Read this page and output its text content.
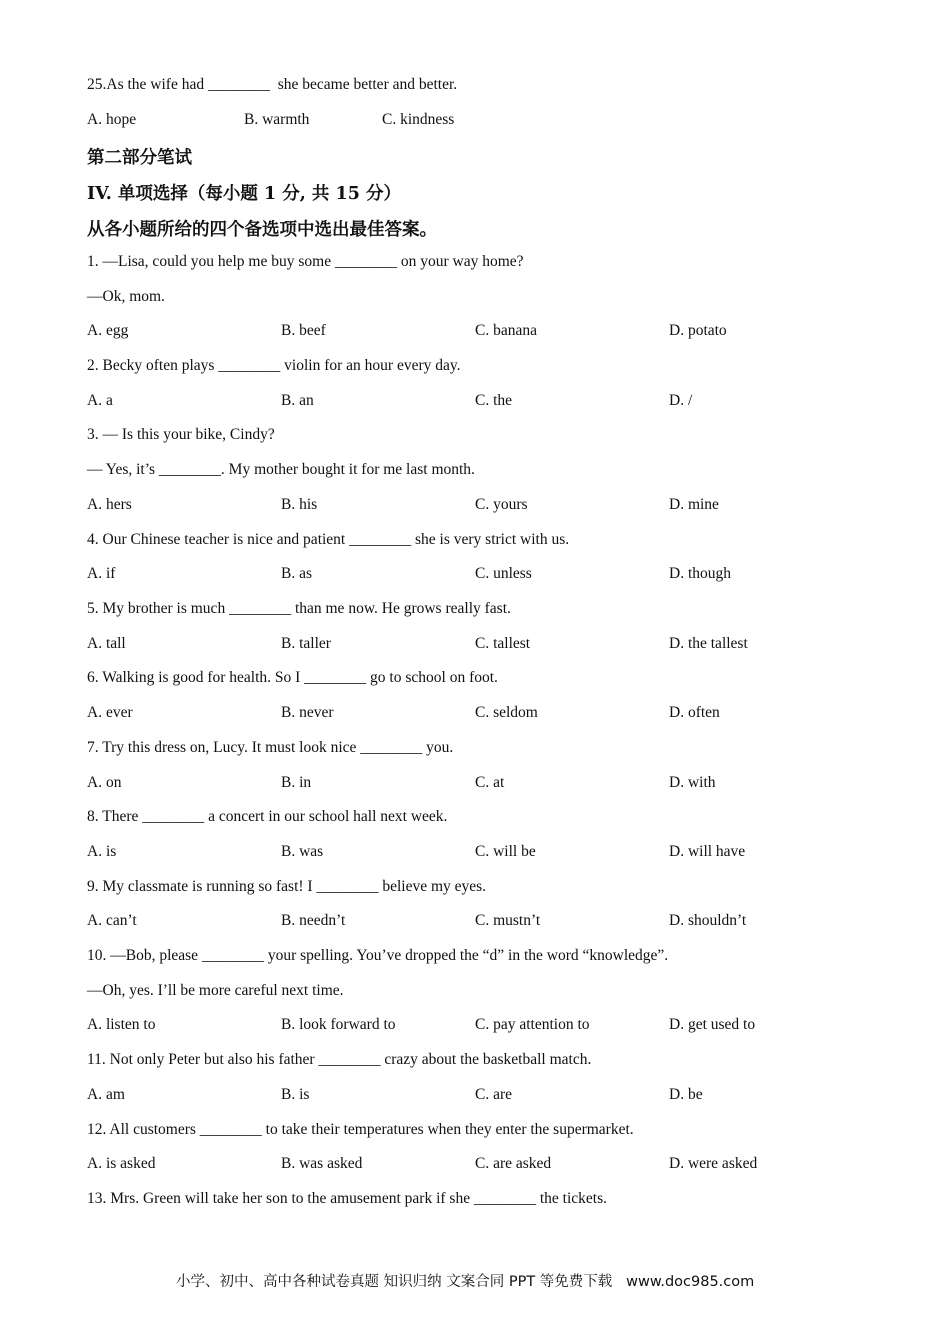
25.As the wife had ________  she became better and better.
A. hope	B. warmth	C. kindness
第二部分笔试
IV. 单项选择（每小题 1 分, 共 15 分）
从各小题所给的四个备选项中选出最佳答案。
1. —Lisa, could you help me buy some ________ on your way home?
—Ok, mom.
A. egg	B. beef	C. banana	D. potato
2. Becky often plays ________ violin for an hour every day.
A. a	B. an	C. the	D. /
3. — Is this your bike, Cindy?
— Yes, it’s ________. My mother bought it for me last month.
A. hers	B. his	C. yours	D. mine
4. Our Chinese teacher is nice and patient ________ she is very strict with us.
A. if	B. as	C. unless	D. though
5. My brother is much ________ than me now. He grows really fast.
A. tall	B. taller	C. tallest	D. the tallest
6. Walking is good for health. So I ________ go to school on foot.
A. ever	B. never	C. seldom	D. often
7. Try this dress on, Lucy. It must look nice ________ you.
A. on	B. in	C. at	D. with
8. There ________ a concert in our school hall next week.
A. is	B. was	C. will be	D. will have
9. My classmate is running so fast! I ________ believe my eyes.
A. can’t	B. needn’t	C. mustn’t	D. shouldn’t
10. —Bob, please ________ your spelling. You’ve dropped the “d” in the word “knowledge”.
—Oh, yes. I’ll be more careful next time.
A. listen to	B. look forward to	C. pay attention to	D. get used to
11. Not only Peter but also his father ________ crazy about the basketball match.
A. am	B. is	C. are	D. be
12. All customers ________ to take their temperatures when they enter the supermarket.
A. is asked	B. was asked	C. are asked	D. were asked
13. Mrs. Green will take her son to the amusement park if she ________ the tickets.
小学、初中、高中各种试卷真题 知识归纳 文案合同 PPT 等免费下载   www.doc985.com
